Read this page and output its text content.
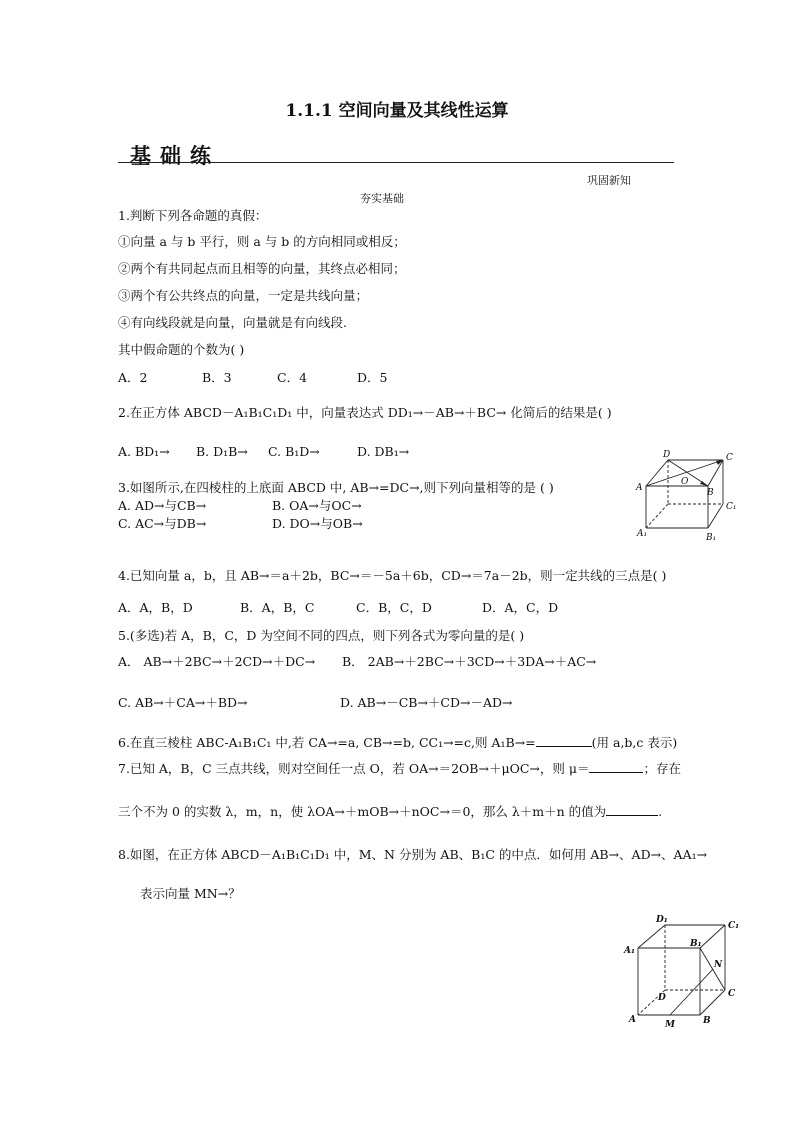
1.1.1 空间向量及其线性运算
基础练
巩固新知
夯实基础
1.判断下列各命题的真假：
①向量 a 与 b 平行，则 a 与 b 的方向相同或相反；
②两个有共同起点而且相等的向量，其终点必相同；
③两个有公共终点的向量，一定是共线向量；
④有向线段就是向量，向量就是有向线段.
其中假命题的个数为( )
A．2	B．3	C．4	D．5
2.在正方体 ABCD－A₁B₁C₁D₁ 中，向量表达式 DD₁→－AB→＋BC→ 化简后的结果是( )
A. BD₁→ B. D₁B→ C. B₁D→	D. DB₁→
3.如图所示,在四棱柱的上底面 ABCD 中, AB→=DC→,则下列向量相等的是 ( )
A. AD→与CB→	B. OA→与OC→
C. AC→与DB→	D. DO→与OB→
D	C
A
O
B
C₁
A₁	B₁
4.已知向量 a，b，且 AB→＝a＋2b，BC→＝－5a＋6b，CD→＝7a－2b，则一定共线的三点是( )
A．A，B，D	B．A，B，C	C．B，C，D	D．A，C，D
5.(多选)若 A，B，C，D 为空间不同的四点，则下列各式为零向量的是( )
A． AB→＋2BC→＋2CD→＋DC→ B． 2AB→＋2BC→＋3CD→＋3DA→＋AC→
C. AB→＋CA→＋BD→	D. AB→－CB→＋CD→－AD→
6.在直三棱柱 ABC-A₁B₁C₁ 中,若 CA→=a, CB→=b, CC₁→=c,则 A₁B→=	(用 a,b,c 表示)
7.已知 A，B，C 三点共线，则对空间任一点 O，若 OA→＝2OB→＋μOC→，则 μ＝	；存在
三个不为 0 的实数 λ，m，n，使 λOA→＋mOB→＋nOC→＝0，那么 λ＋m＋n 的值为	.
8.如图，在正方体 ABCD－A₁B₁C₁D₁ 中，M、N 分别为 AB、B₁C 的中点．如何用 AB→、AD→、AA₁→
表示向量 MN→？
D₁
C₁
A₁
B₁
N
D	C
A	M	B
